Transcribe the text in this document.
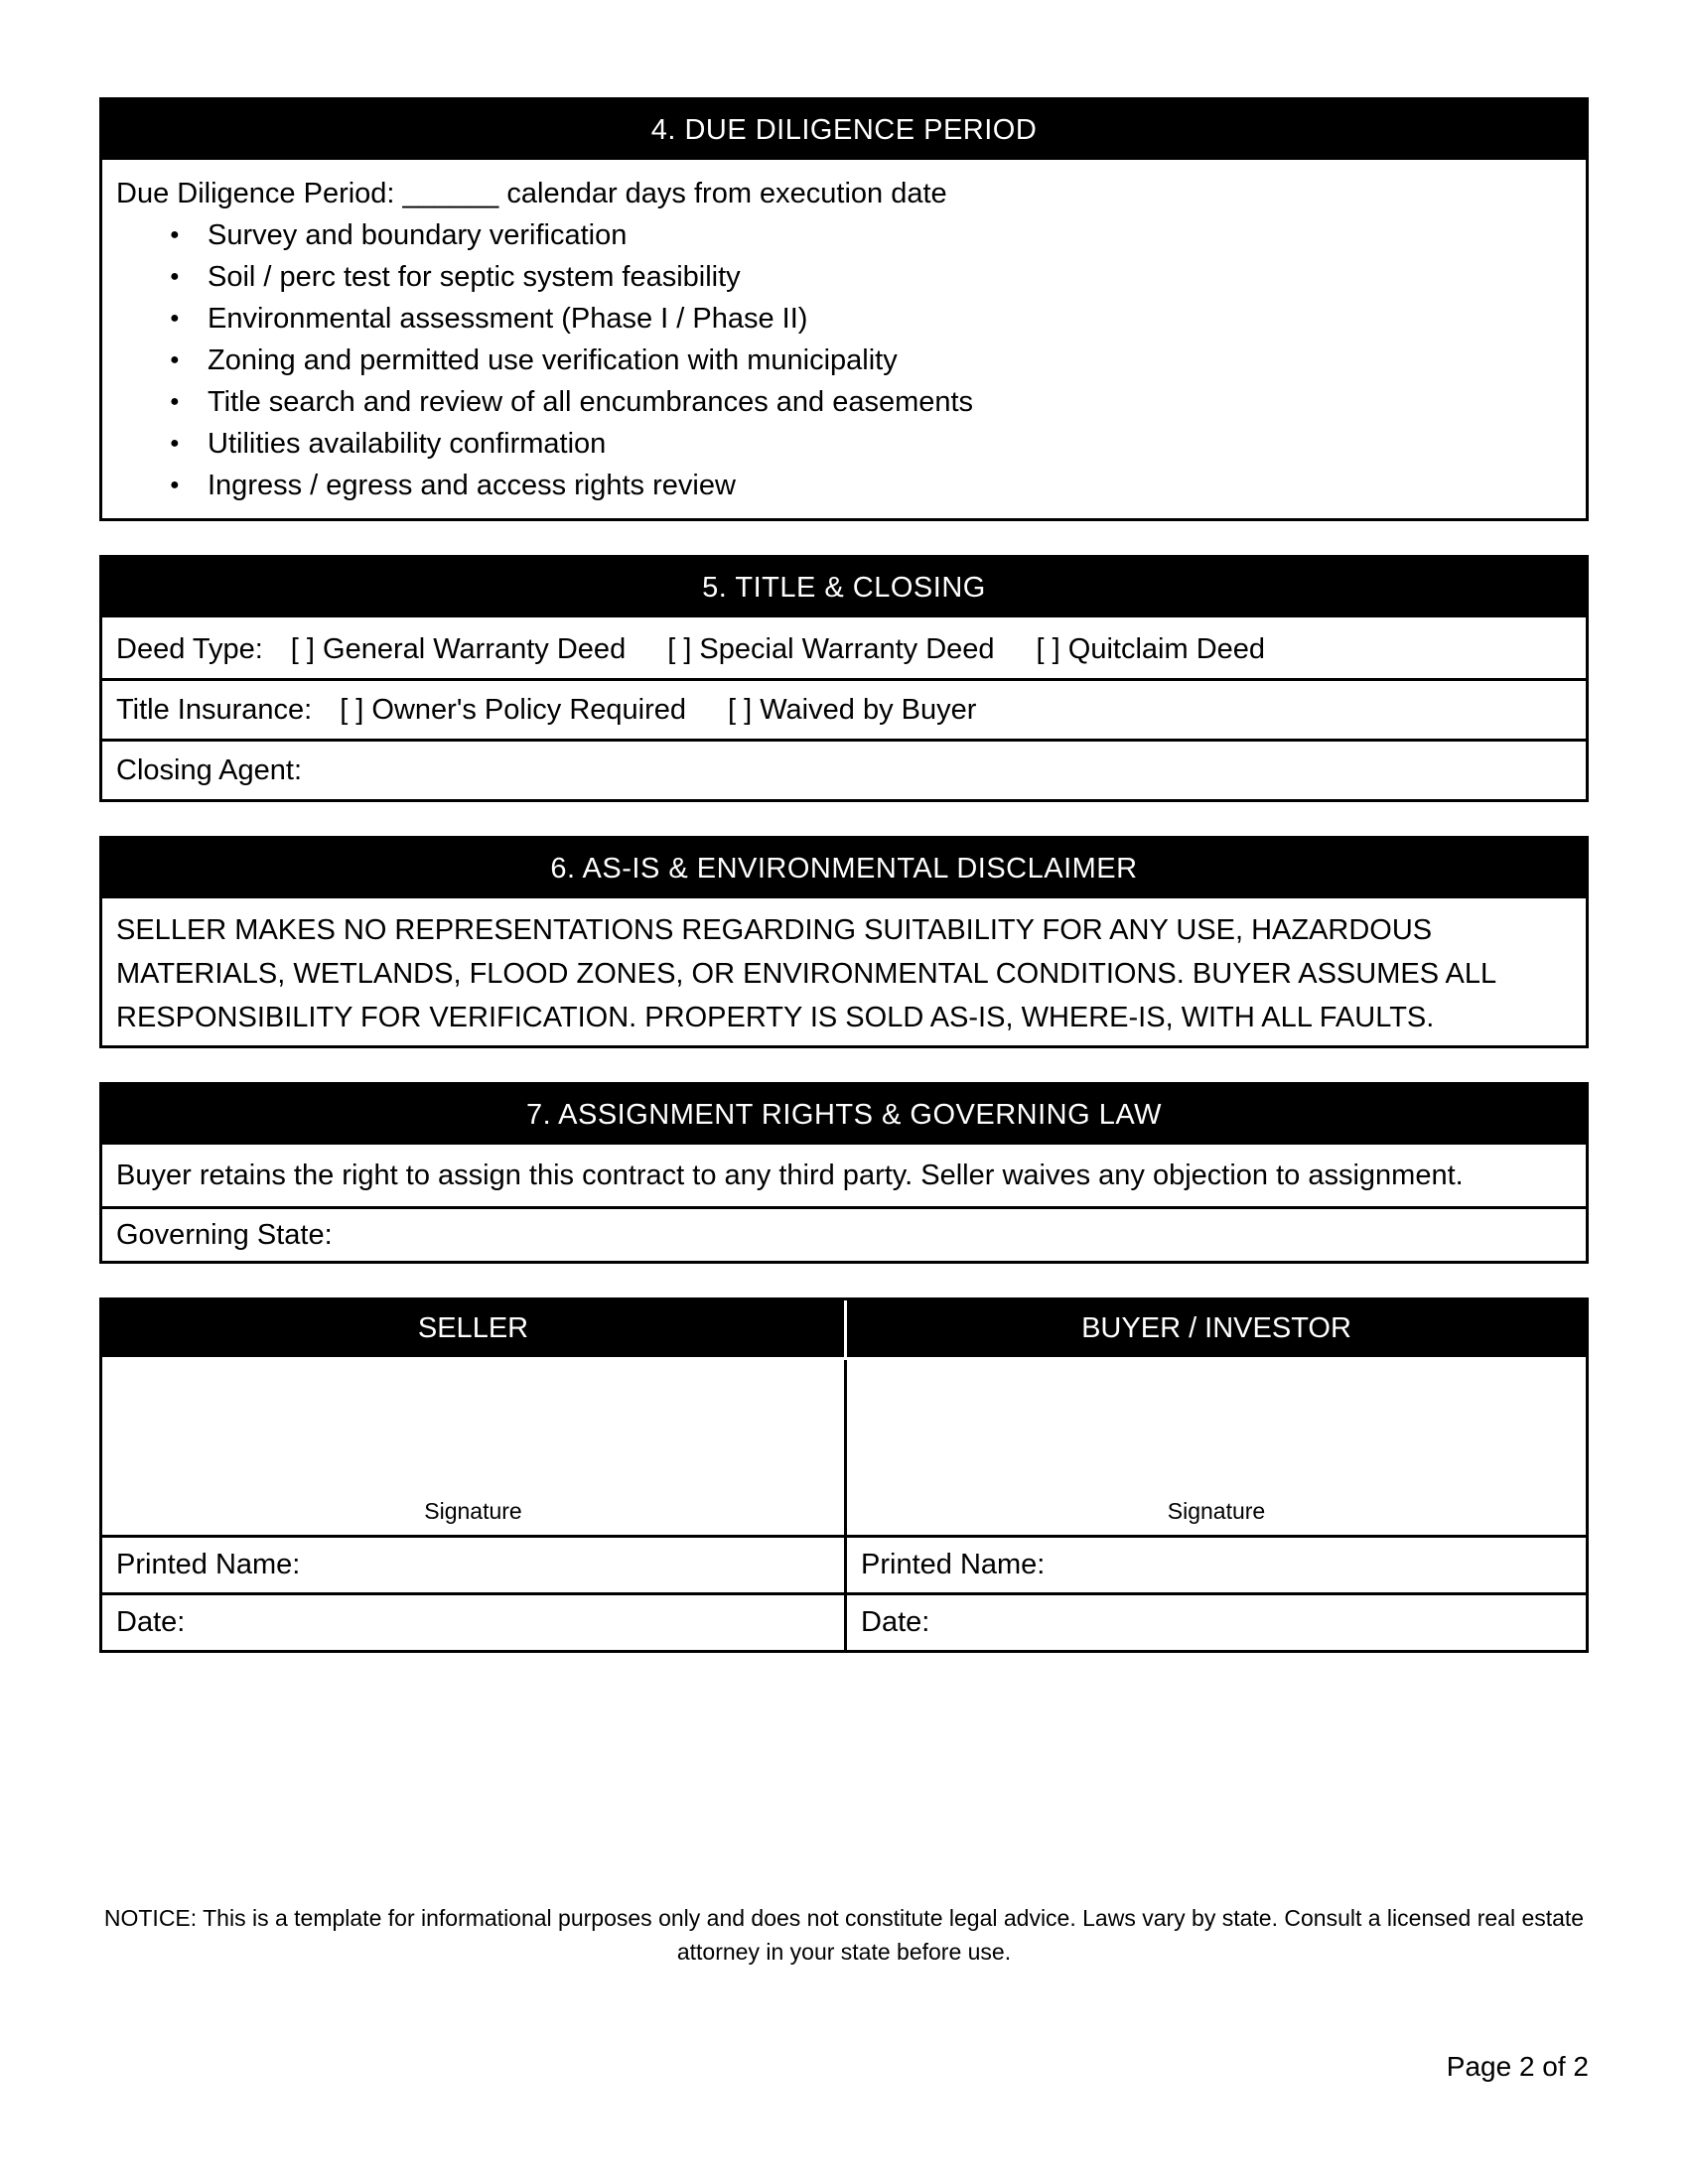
4. DUE DILIGENCE PERIOD
Due Diligence Period: ______ calendar days from execution date
● Survey and boundary verification
● Soil / perc test for septic system feasibility
● Environmental assessment (Phase I / Phase II)
● Zoning and permitted use verification with municipality
● Title search and review of all encumbrances and easements
● Utilities availability confirmation
● Ingress / egress and access rights review
5. TITLE & CLOSING
Deed Type: [ ] General Warranty Deed [ ] Special Warranty Deed [ ] Quitclaim Deed
Title Insurance: [ ] Owner's Policy Required [ ] Waived by Buyer
Closing Agent:
6. AS-IS & ENVIRONMENTAL DISCLAIMER
SELLER MAKES NO REPRESENTATIONS REGARDING SUITABILITY FOR ANY USE, HAZARDOUS MATERIALS, WETLANDS, FLOOD ZONES, OR ENVIRONMENTAL CONDITIONS. BUYER ASSUMES ALL RESPONSIBILITY FOR VERIFICATION. PROPERTY IS SOLD AS-IS, WHERE-IS, WITH ALL FAULTS.
7. ASSIGNMENT RIGHTS & GOVERNING LAW
Buyer retains the right to assign this contract to any third party. Seller waives any objection to assignment.
Governing State:
SELLER	BUYER / INVESTOR
Signature	Signature
Printed Name:	Printed Name:
Date:	Date:
NOTICE: This is a template for informational purposes only and does not constitute legal advice. Laws vary by state. Consult a licensed real estate attorney in your state before use.
Page 2 of 2
